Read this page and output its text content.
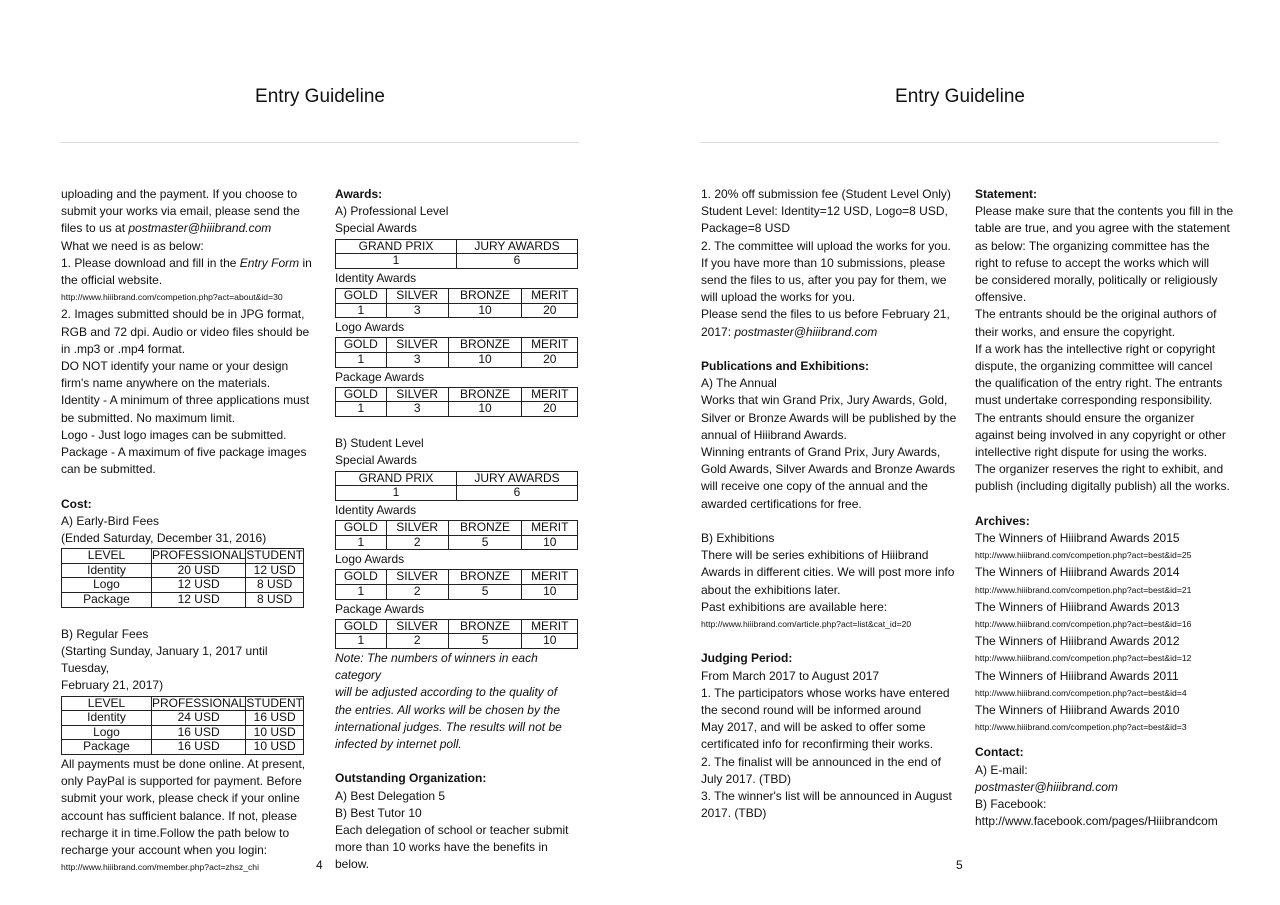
Entry Guideline

uploading and the payment. If you choose to

submit your works via email, please send the

files to us at postmaster@hiiibrand.com

What we need is as below:

1. Please download and fill in the Entry Form in

the official website.

http://www.hiiibrand.com/competion.php?act=about&id=30

2. Images submitted should be in JPG format,

RGB and 72 dpi. Audio or video files should be

in .mp3 or .mp4 format.

DO NOT identify your name or your design

firm's name anywhere on the materials.

Identity - A minimum of three applications must

be submitted. No maximum limit.

Logo - Just logo images can be submitted.

Package - A maximum of five package images

can be submitted.

Cost:

A) Early-Bird Fees

(Ended Saturday, December 31, 2016)

LEVEL	PROFESSIONAL	STUDENT
Identity	20 USD	12 USD
Logo	12 USD	8 USD
Package	12 USD	8 USD

B) Regular Fees

(Starting Sunday, January 1, 2017 until Tuesday,

February 21, 2017)

LEVEL	PROFESSIONAL	STUDENT
Identity	24 USD	16 USD
Logo	16 USD	10 USD
Package	16 USD	10 USD

All payments must be done online. At present,

only PayPal is supported for payment. Before

submit your work, please check if your online

account has sufficient balance. If not, please

recharge it in time.Follow the path below to

recharge your account when you login:

http://www.hiiibrand.com/member.php?act=zhsz_chi

Awards:

A) Professional Level

Special Awards

GRAND PRIX	JURY AWARDS
1	6

Identity Awards

GOLD	SILVER	BRONZE	MERIT
1	3	10	20

Logo Awards

GOLD	SILVER	BRONZE	MERIT
1	3	10	20

Package Awards

GOLD	SILVER	BRONZE	MERIT
1	3	10	20

B) Student Level

Special Awards

GRAND PRIX	JURY AWARDS
1	6

Identity Awards

GOLD	SILVER	BRONZE	MERIT
1	2	5	10

Logo Awards

GOLD	SILVER	BRONZE	MERIT
1	2	5	10

Package Awards

GOLD	SILVER	BRONZE	MERIT
1	2	5	10

Note: The numbers of winners in each category

will be adjusted according to the quality of

the entries. All works will be chosen by the

international judges. The results will not be

infected by internet poll.

Outstanding Organization:

A) Best Delegation 5

B) Best Tutor 10

Each delegation of school or teacher submit

more than 10 works have the benefits in below.

4
Entry Guideline

1. 20% off submission fee (Student Level Only)

Student Level: Identity=12 USD, Logo=8 USD,

Package=8 USD

2. The committee will upload the works for you.

If you have more than 10 submissions, please

send the files to us, after you pay for them, we

will upload the works for you.

Please send the files to us before February 21,

2017: postmaster@hiiibrand.com

Publications and Exhibitions:

A) The Annual

Works that win Grand Prix, Jury Awards, Gold,

Silver or Bronze Awards will be published by the

annual of Hiiibrand Awards.

Winning entrants of Grand Prix, Jury Awards,

Gold Awards, Silver Awards and Bronze Awards

will receive one copy of the annual and the

awarded certifications for free.

B) Exhibitions

There will be series exhibitions of Hiiibrand

Awards in different cities. We will post more info

about the exhibitions later.

Past exhibitions are available here:

http://www.hiiibrand.com/article.php?act=list&cat_id=20

Judging Period:

From March 2017 to August 2017

1. The participators whose works have entered

the second round will be informed around

May 2017, and will be asked to offer some

certificated info for reconfirming their works.

2. The finalist will be announced in the end of

July 2017. (TBD)

3. The winner's list will be announced in August

2017. (TBD)

Statement:

Please make sure that the contents you fill in the

table are true, and you agree with the statement

as below: The organizing committee has the

right to refuse to accept the works which will

be considered morally, politically or religiously

offensive.

The entrants should be the original authors of

their works, and ensure the copyright.

If a work has the intellective right or copyright

dispute, the organizing committee will cancel

the qualification of the entry right. The entrants

must undertake corresponding responsibility.

The entrants should ensure the organizer

against being involved in any copyright or other

intellective right dispute for using the works.

The organizer reserves the right to exhibit, and

publish (including digitally publish) all the works.

Archives:

The Winners of Hiiibrand Awards 2015

http://www.hiiibrand.com/competion.php?act=best&id=25

The Winners of Hiiibrand Awards 2014

http://www.hiiibrand.com/competion.php?act=best&id=21

The Winners of Hiiibrand Awards 2013

http://www.hiiibrand.com/competion.php?act=best&id=16

The Winners of Hiiibrand Awards 2012

http://www.hiiibrand.com/competion.php?act=best&id=12

The Winners of Hiiibrand Awards 2011

http://www.hiiibrand.com/competion.php?act=best&id=4

The Winners of Hiiibrand Awards 2010

http://www.hiiibrand.com/competion.php?act=best&id=3

Contact:

A) E-mail:

postmaster@hiiibrand.com

B) Facebook:

http://www.facebook.com/pages/Hiiibrandcom

5
